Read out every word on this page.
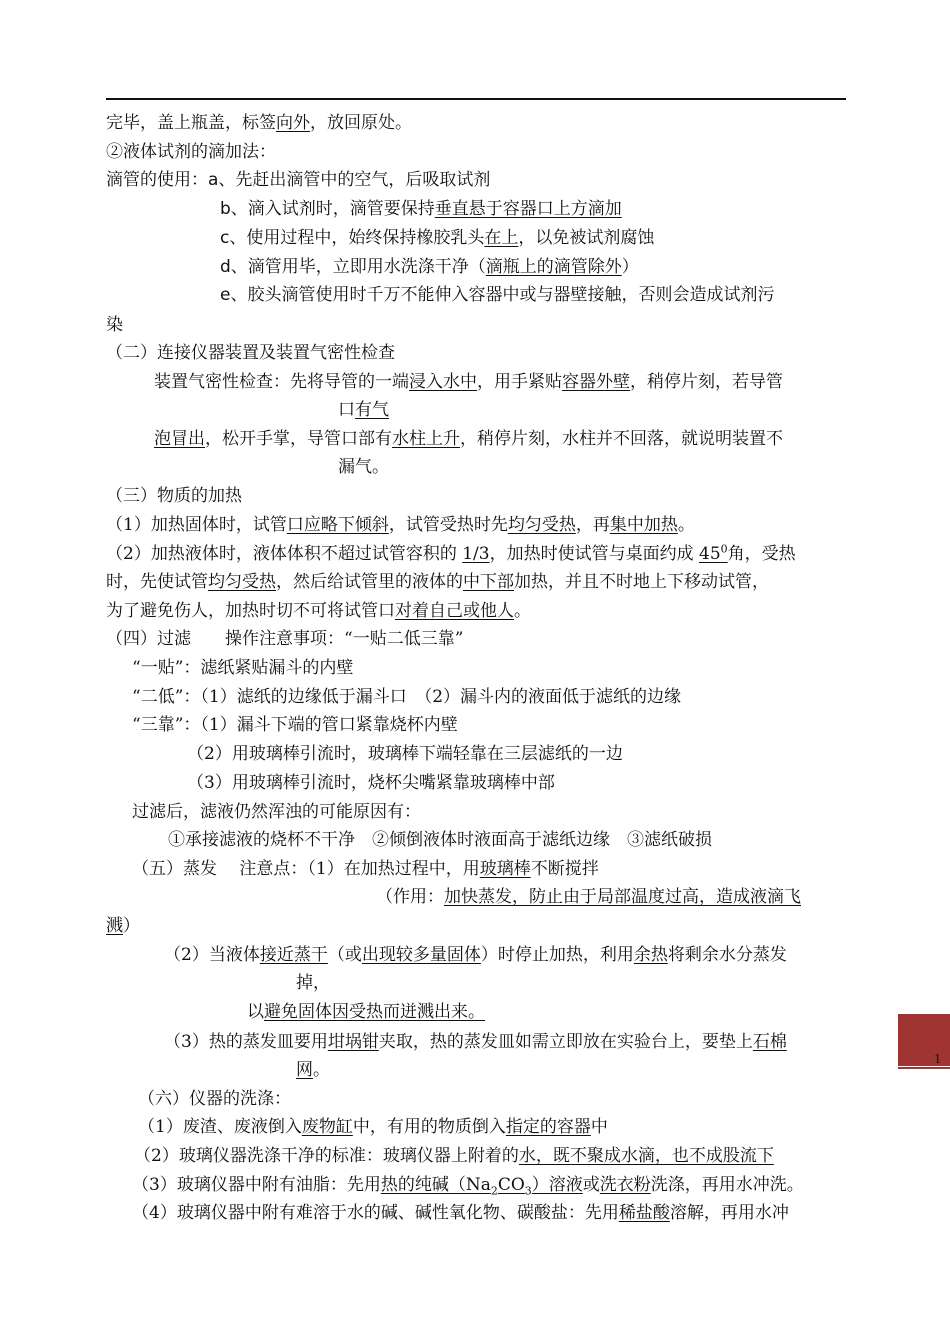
完毕，盖上瓶盖，标签向外，放回原处。
②液体试剂的滴加法：
滴管的使用：a、先赶出滴管中的空气，后吸取试剂
b、滴入试剂时，滴管要保持垂直悬于容器口上方滴加
c、使用过程中，始终保持橡胶乳头在上，以免被试剂腐蚀
d、滴管用毕，立即用水洗涤干净（滴瓶上的滴管除外）
e、胶头滴管使用时千万不能伸入容器中或与器壁接触，否则会造成试剂污
染
（二）连接仪器装置及装置气密性检查
装置气密性检查：先将导管的一端浸入水中，用手紧贴容器外壁，稍停片刻，若导管
口有气
泡冒出，松开手掌，导管口部有水柱上升，稍停片刻，水柱并不回落，就说明装置不
漏气。
（三）物质的加热
（1）加热固体时，试管口应略下倾斜，试管受热时先均匀受热，再集中加热。
（2）加热液体时，液体体积不超过试管容积的 1/3，加热时使试管与桌面约成 $45^0$角，受热
时，先使试管均匀受热，然后给试管里的液体的中下部加热，并且不时地上下移动试管，
为了避免伤人，加热时切不可将试管口对着自己或他人。
（四）过滤　　操作注意事项：“一贴二低三靠”
“一贴”：滤纸紧贴漏斗的内壁
“二低”：（1）滤纸的边缘低于漏斗口　（2）漏斗内的液面低于滤纸的边缘
“三靠”：（1）漏斗下端的管口紧靠烧杯内壁
（2）用玻璃棒引流时，玻璃棒下端轻靠在三层滤纸的一边
（3）用玻璃棒引流时，烧杯尖嘴紧靠玻璃棒中部
过滤后，滤液仍然浑浊的可能原因有：
①承接滤液的烧杯不干净　②倾倒液体时液面高于滤纸边缘　③滤纸破损
（五）蒸发　 注意点：（1）在加热过程中，用玻璃棒不断搅拌
（作用：加快蒸发，防止由于局部温度过高，造成液滴飞
溅）
（2）当液体接近蒸干（或出现较多量固体）时停止加热，利用余热将剩余水分蒸发
掉，
以避免固体因受热而迸溅出来。
（3）热的蒸发皿要用坩埚钳夹取，热的蒸发皿如需立即放在实验台上，要垫上石棉
网。
（六）仪器的洗涤：
（1）废渣、废液倒入废物缸中，有用的物质倒入指定的容器中
（2）玻璃仪器洗涤干净的标准：玻璃仪器上附着的水，既不聚成水滴，也不成股流下
（3）玻璃仪器中附有油脂：先用热的纯碱$(Na_2CO_3)$溶液或洗衣粉洗涤，再用水冲洗。
（4）玻璃仪器中附有难溶于水的碱、碱性氧化物、碳酸盐：先用稀盐酸溶解，再用水冲
1
